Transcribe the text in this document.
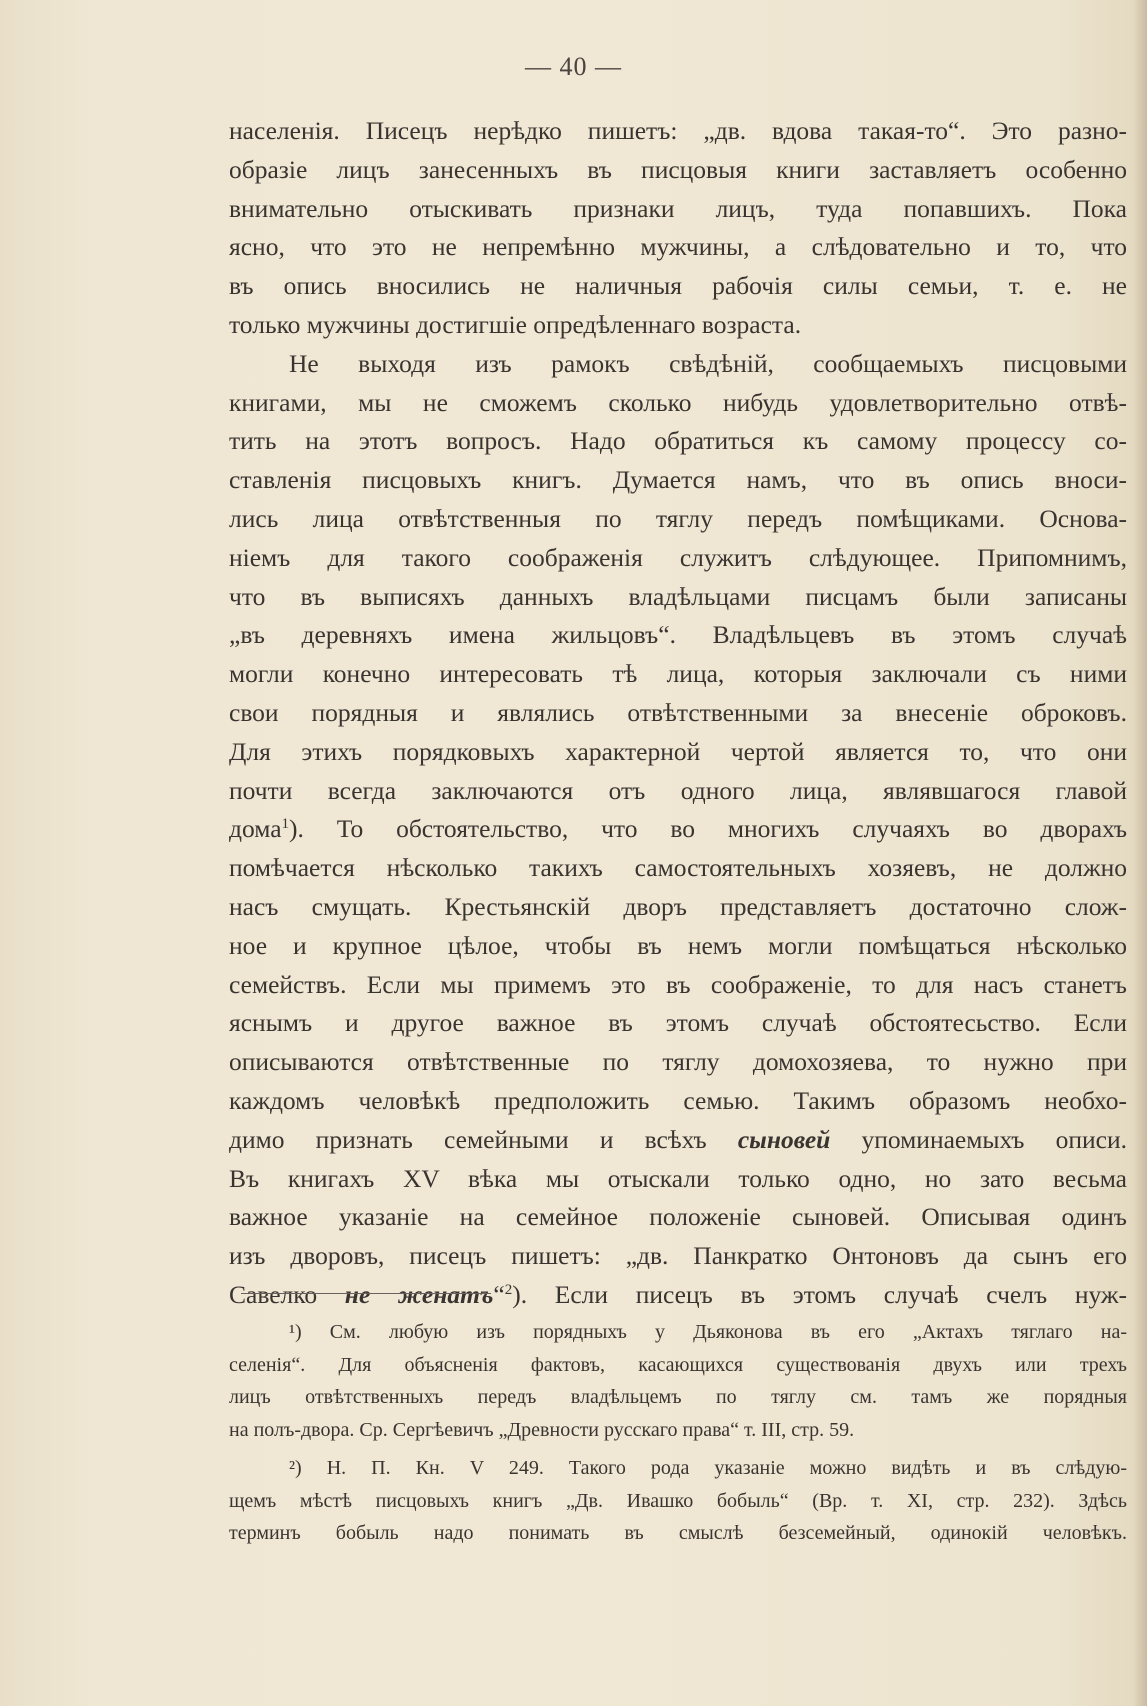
— 40 —
населенія. Писецъ нерѣдко пишетъ: „дв. вдова такая-то“. Это разно-
образіе лицъ занесенныхъ въ писцовыя книги заставляетъ особенно
внимательно отыскивать признаки лицъ, туда попавшихъ. Пока
ясно, что это не непремѣнно мужчины, а слѣдовательно и то, что
въ опись вносились не наличныя рабочія силы семьи, т. е. не
только мужчины достигшіе опредѣленнаго возраста.
Не выходя изъ рамокъ свѣдѣній, сообщаемыхъ писцовыми
книгами, мы не сможемъ сколько нибудь удовлетворительно отвѣ-
тить на этотъ вопросъ. Надо обратиться къ самому процессу со-
ставленія писцовыхъ книгъ. Думается намъ, что въ опись вноси-
лись лица отвѣтственныя по тяглу передъ помѣщиками. Основа-
ніемъ для такого соображенія служитъ слѣдующее. Припомнимъ,
что въ выписяхъ данныхъ владѣльцами писцамъ были записаны
„въ деревняхъ имена жильцовъ“. Владѣльцевъ въ этомъ случаѣ
могли конечно интересовать тѣ лица, которыя заключали съ ними
свои порядныя и являлись отвѣтственными за внесеніе оброковъ.
Для этихъ порядковыхъ характерной чертой является то, что они
почти всегда заключаются отъ одного лица, являвшагося главой
дома$^1$). То обстоятельство, что во многихъ случаяхъ во дворахъ
помѣчается нѣсколько такихъ самостоятельныхъ хозяевъ, не должно
насъ смущать. Крестьянскій дворъ представляетъ достаточно слож-
ное и крупное цѣлое, чтобы въ немъ могли помѣщаться нѣсколько
семействъ. Если мы примемъ это въ соображеніе, то для насъ станетъ
яснымъ и другое важное въ этомъ случаѣ обстоятесьство. Если
описываются отвѣтственные по тяглу домохозяева, то нужно при
каждомъ человѣкѣ предположить семью. Такимъ образомъ необхо-
димо признать семейными и всѣхъ сыновей упоминаемыхъ описи.
Въ книгахъ XV вѣка мы отыскали только одно, но зато весьма
важное указаніе на семейное положеніе сыновей. Описывая одинъ
изъ дворовъ, писецъ пишетъ: „дв. Панкратко Онтоновъ да сынъ его
Савелко не женатъ“$^2$). Если писецъ въ этомъ случаѣ счелъ нуж-
¹) См. любую изъ порядныхъ у Дьяконова въ его „Актахъ тяглаго на-
селенія“. Для объясненія фактовъ, касающихся существованія двухъ или трехъ
лицъ отвѣтственныхъ передъ владѣльцемъ по тяглу см. тамъ же порядныя
на полъ-двора. Ср. Сергѣевичъ „Древности русскаго права“ т. III, стр. 59.
²) Н. П. Кн. V 249. Такого рода указаніе можно видѣть и въ слѣдую-
щемъ мѣстѣ писцовыхъ книгъ „Дв. Ивашко бобыль“ (Вр. т. XI, стр. 232). Здѣсь
терминъ бобыль надо понимать въ смыслѣ безсемейный, одинокій человѣкъ.
